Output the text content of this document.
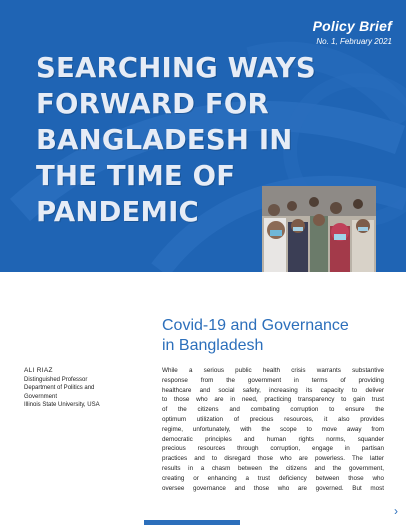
Policy Brief
No. 1, February 2021
SEARCHING WAYS
FORWARD FOR
BANGLADESH IN
THE TIME OF
PANDEMIC
Covid-19 and Governance in Bangladesh
ALI RIAZ
Distinguished Professor
Department of Politics and
Government
Illinois State University, USA
While a serious public health crisis warrants substantive
response from the government in terms of providing
healthcare and social safety, increasing its capacity to deliver
to those who are in need, practicing transparency to gain trust
of the citizens and combating corruption to ensure the
optimum utilization of precious resources, it also provides
regime, unfortunately, with the scope to move away from
democratic principles and human rights norms, squander
precious resources through corruption, engage in partisan
practices and to disregard those who are powerless. The latter
results in a chasm between the citizens and the government,
creating or enhancing a trust deficiency between those who
oversee governance and those who are governed. But most
›
